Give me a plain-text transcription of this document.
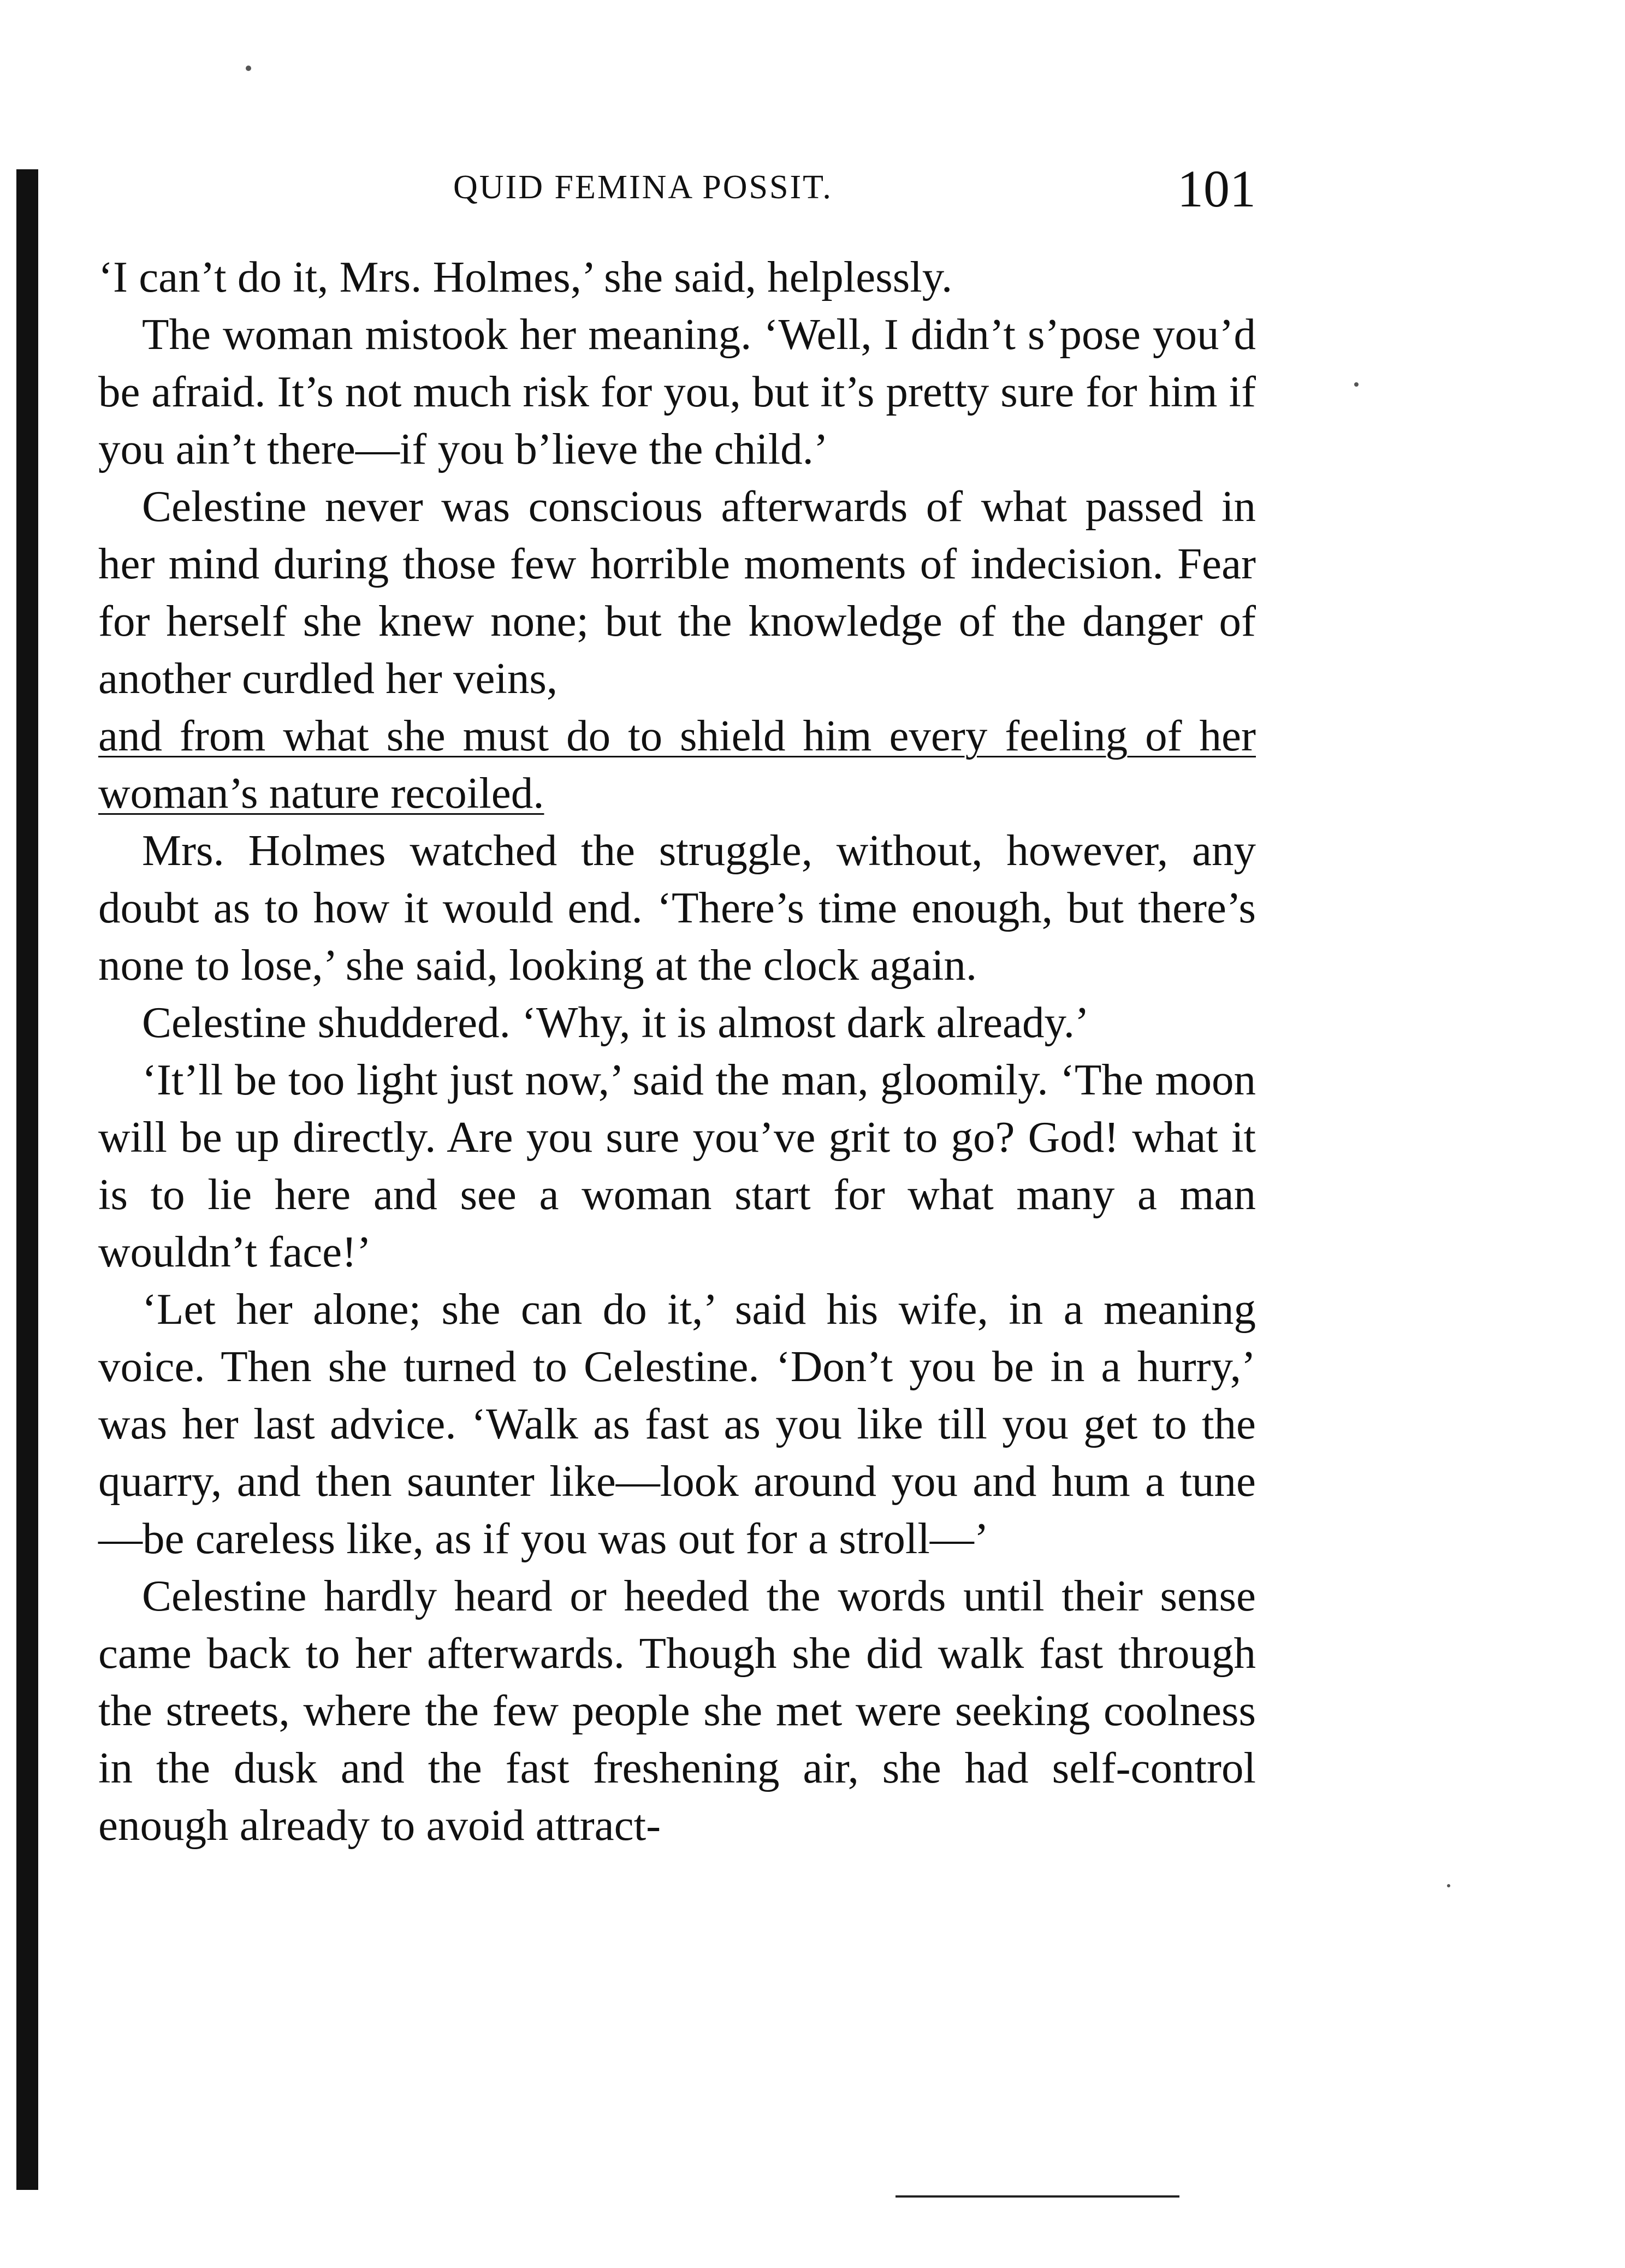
QUID FEMINA POSSIT.	101

‘I can’t do it, Mrs. Holmes,’ she said, helplessly.

The woman mistook her meaning. ‘Well, I didn’t s’pose you’d be afraid. It’s not much risk for you, but it’s pretty sure for him if you ain’t there—if you b’lieve the child.’

Celestine never was conscious afterwards of what passed in her mind during those few horrible moments of indecision. Fear for herself she knew none; but the knowledge of the danger of another curdled her veins,

and from what she must do to shield him every feeling of her woman’s nature recoiled.

Mrs. Holmes watched the struggle, without, however, any doubt as to how it would end. ‘There’s time enough, but there’s none to lose,’ she said, looking at the clock again.

Celestine shuddered. ‘Why, it is almost dark already.’

‘It’ll be too light just now,’ said the man, gloomily. ‘The moon will be up directly. Are you sure you’ve grit to go? God! what it is to lie here and see a woman start for what many a man wouldn’t face!’

‘Let her alone; she can do it,’ said his wife, in a meaning voice. Then she turned to Celestine. ‘Don’t you be in a hurry,’ was her last advice. ‘Walk as fast as you like till you get to the quarry, and then saunter like—look around you and hum a tune—be careless like, as if you was out for a stroll—’

Celestine hardly heard or heeded the words until their sense came back to her afterwards. Though she did walk fast through the streets, where the few people she met were seeking coolness in the dusk and the fast freshening air, she had self-control enough already to avoid attract-
